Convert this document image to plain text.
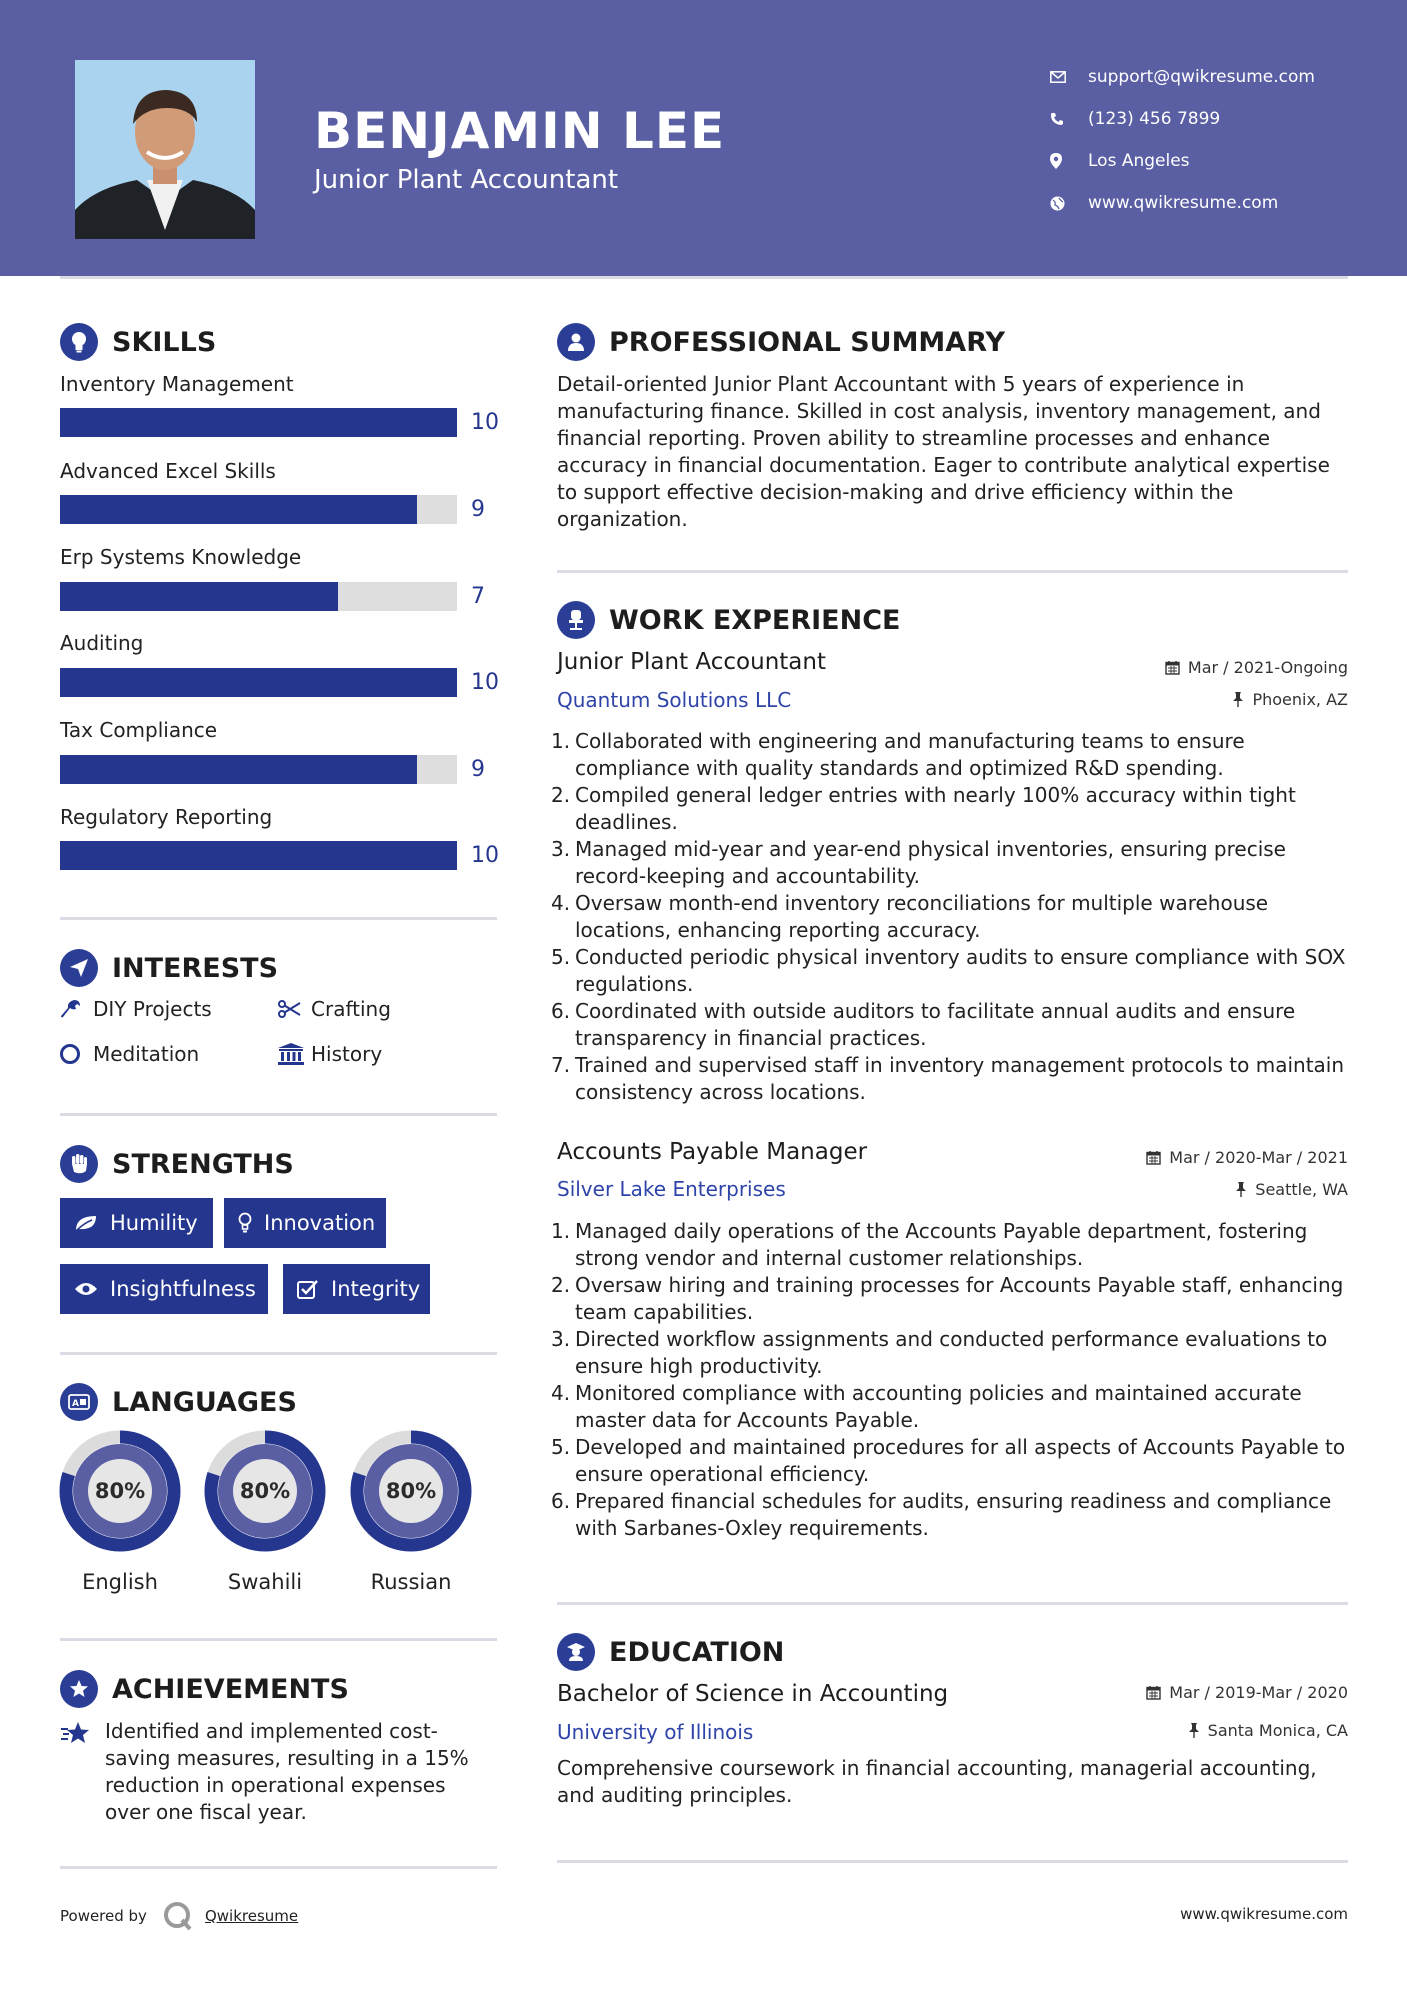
BENJAMIN LEE
Junior Plant Accountant
support@qwikresume.com
(123) 456 7899
Los Angeles
www.qwikresume.com
SKILLS
Inventory Management
10
Advanced Excel Skills
9
Erp Systems Knowledge
7
Auditing
10
Tax Compliance
9
Regulatory Reporting
10
INTERESTS
DIY Projects	Crafting
Meditation	History
STRENGTHS
Humility	Innovation
Insightfulness	Integrity
A LANGUAGES
80%
English
80%
Swahili
80%
Russian
ACHIEVEMENTS
Identified and implemented cost-saving measures, resulting in a 15% reduction in operational expenses over one fiscal year.
PROFESSIONAL SUMMARY
Detail-oriented Junior Plant Accountant with 5 years of experience in manufacturing finance. Skilled in cost analysis, inventory management, and financial reporting. Proven ability to streamline processes and enhance accuracy in financial documentation. Eager to contribute analytical expertise to support effective decision-making and drive efficiency within the organization.
WORK EXPERIENCE
Junior Plant Accountant	Mar / 2021-Ongoing
Quantum Solutions LLC	Phoenix, AZ
1. Collaborated with engineering and manufacturing teams to ensure compliance with quality standards and optimized R&D spending.
2. Compiled general ledger entries with nearly 100% accuracy within tight deadlines.
3. Managed mid-year and year-end physical inventories, ensuring precise record-keeping and accountability.
4. Oversaw month-end inventory reconciliations for multiple warehouse locations, enhancing reporting accuracy.
5. Conducted periodic physical inventory audits to ensure compliance with SOX regulations.
6. Coordinated with outside auditors to facilitate annual audits and ensure transparency in financial practices.
7. Trained and supervised staff in inventory management protocols to maintain consistency across locations.
Accounts Payable Manager	Mar / 2020-Mar / 2021
Silver Lake Enterprises	Seattle, WA
1. Managed daily operations of the Accounts Payable department, fostering strong vendor and internal customer relationships.
2. Oversaw hiring and training processes for Accounts Payable staff, enhancing team capabilities.
3. Directed workflow assignments and conducted performance evaluations to ensure high productivity.
4. Monitored compliance with accounting policies and maintained accurate master data for Accounts Payable.
5. Developed and maintained procedures for all aspects of Accounts Payable to ensure operational efficiency.
6. Prepared financial schedules for audits, ensuring readiness and compliance with Sarbanes-Oxley requirements.
EDUCATION
Bachelor of Science in Accounting	Mar / 2019-Mar / 2020
University of Illinois	Santa Monica, CA
Comprehensive coursework in financial accounting, managerial accounting, and auditing principles.
Powered by	Qwikresume	www.qwikresume.com
